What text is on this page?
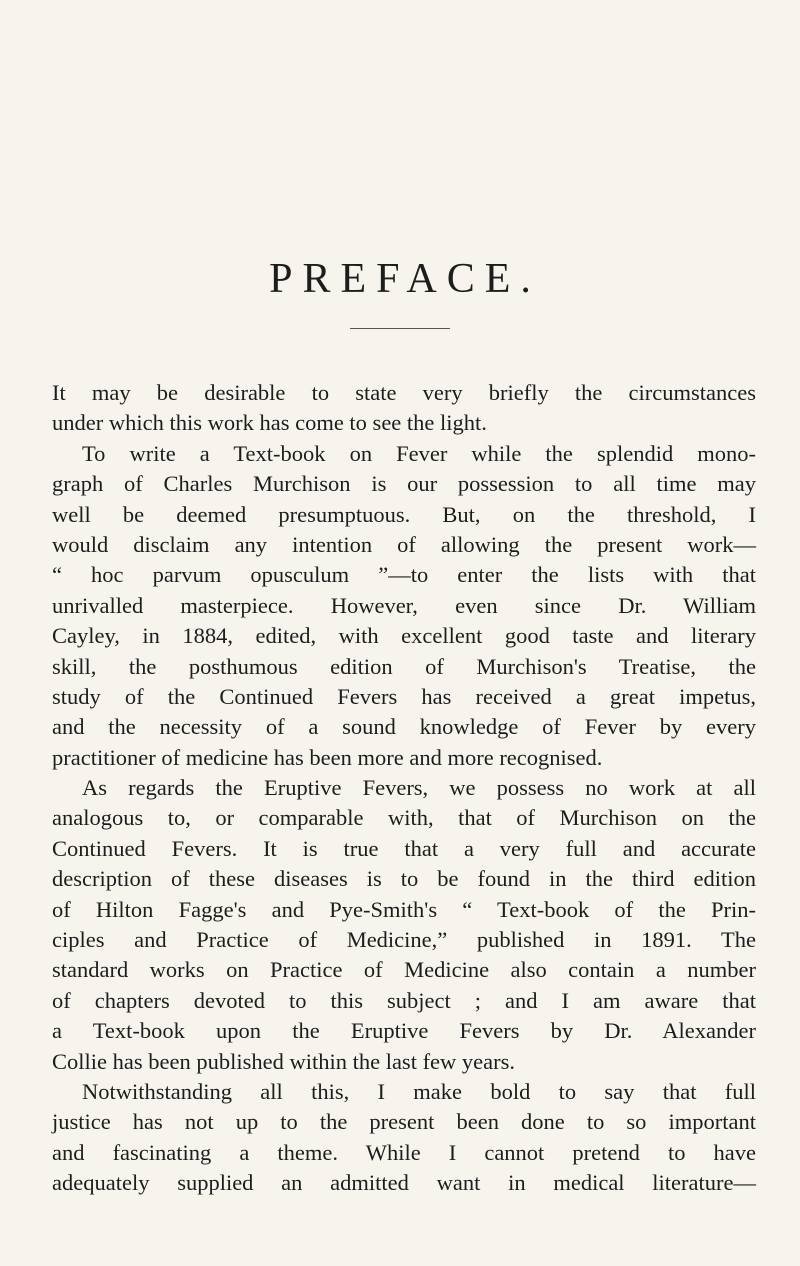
PREFACE.
It may be desirable to state very briefly the circumstances
under which this work has come to see the light.
To write a Text-book on Fever while the splendid mono-
graph of Charles Murchison is our possession to all time may
well be deemed presumptuous. But, on the threshold, I
would disclaim any intention of allowing the present work—
“ hoc parvum opusculum ”—to enter the lists with that
unrivalled masterpiece. However, even since Dr. William
Cayley, in 1884, edited, with excellent good taste and literary
skill, the posthumous edition of Murchison's Treatise, the
study of the Continued Fevers has received a great impetus,
and the necessity of a sound knowledge of Fever by every
practitioner of medicine has been more and more recognised.
As regards the Eruptive Fevers, we possess no work at all
analogous to, or comparable with, that of Murchison on the
Continued Fevers. It is true that a very full and accurate
description of these diseases is to be found in the third edition
of Hilton Fagge's and Pye-Smith's “ Text-book of the Prin-
ciples and Practice of Medicine,” published in 1891. The
standard works on Practice of Medicine also contain a number
of chapters devoted to this subject ; and I am aware that
a Text-book upon the Eruptive Fevers by Dr. Alexander
Collie has been published within the last few years.
Notwithstanding all this, I make bold to say that full
justice has not up to the present been done to so important
and fascinating a theme. While I cannot pretend to have
adequately supplied an admitted want in medical literature—
